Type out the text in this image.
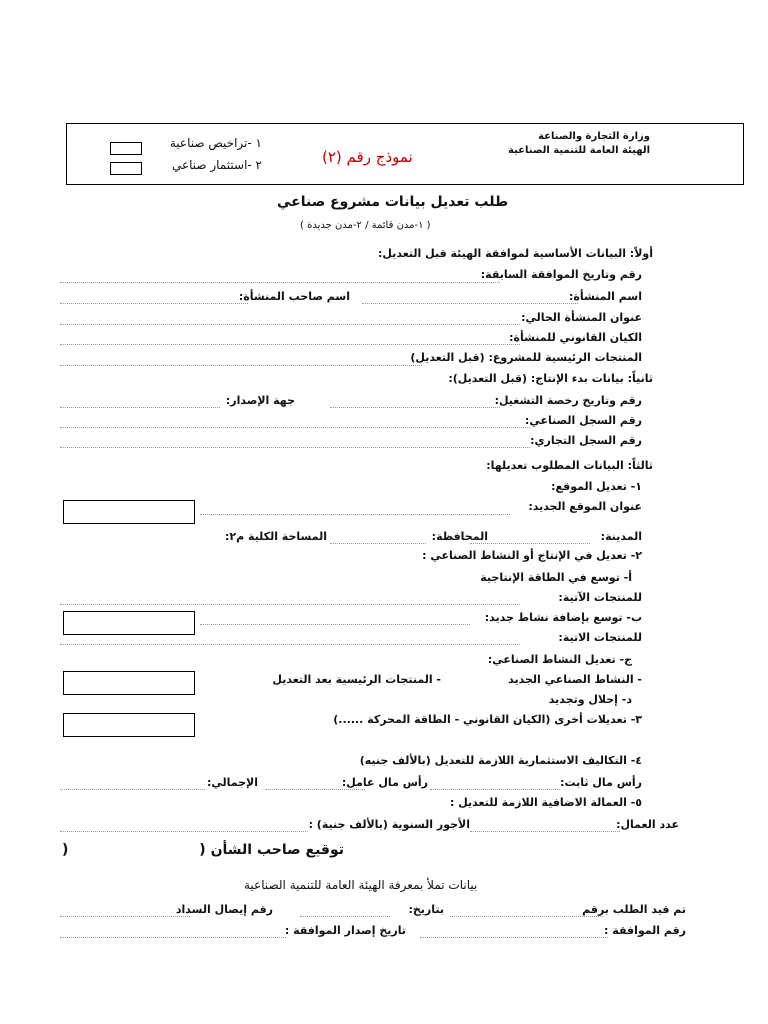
وزارة التجارة والصناعة
الهيئة العامة للتنمية الصناعية
نموذج رقم (٢)
١ -تراخيص صناعية
٢ -استثمار صناعي
طلب تعديل بيانات مشروع صناعي
( ١-مدن قائمة / ٢-مدن جديدة )
أولاً: البيانات الأساسية لموافقة الهيئة قبل التعديل:
رقم وتاريخ الموافقة السابقة:
اسم المنشأة:
اسم صاحب المنشأة:
عنوان المنشأة الحالي:
الكيان القانوني للمنشأة:
المنتجات الرئيسية للمشروع: (قبل التعديل)
ثانياً: بيانات بدء الإنتاج: (قبل التعديل):
رقم وتاريخ رخصة التشغيل:
جهة الإصدار:
رقم السجل الصناعي:
رقم السجل التجاري:
ثالثاً: البيانات المطلوب تعديلها:
١- تعديل الموقع:
عنوان الموقع الجديد:
المدينة:
المحافظة:
المساحة الكلية م٢:
٢- تعديل في الإنتاج أو النشاط الصناعي :
أ- توسع في الطاقة الإنتاجية
للمنتجات الآتية:
ب- توسع بإضافة نشاط جديد:
للمنتجات الاتية:
ج- تعديل النشاط الصناعي:
- النشاط الصناعي الجديد
- المنتجات الرئيسية بعد التعديل
د- إحلال وتجديد
٣- تعديلات أخرى (الكيان القانوني - الطاقة المحركة ......)
٤- التكاليف الاستثمارية اللازمة للتعديل (بالألف جنيه)
رأس مال ثابت:
رأس مال عامل:
الإجمالي:
٥- العمالة الاضافية اللازمة للتعديل :
عدد العمال:
الأجور السنوية (بالألف جنية) :
توقيع صاحب الشأن (
)
بيانات تملأ بمعرفة الهيئة العامة للتنمية الصناعية
تم قيد الطلب برقم
بتاريخ:
رقم إيصال السداد
رقم الموافقة :
تاريخ إصدار الموافقة :
